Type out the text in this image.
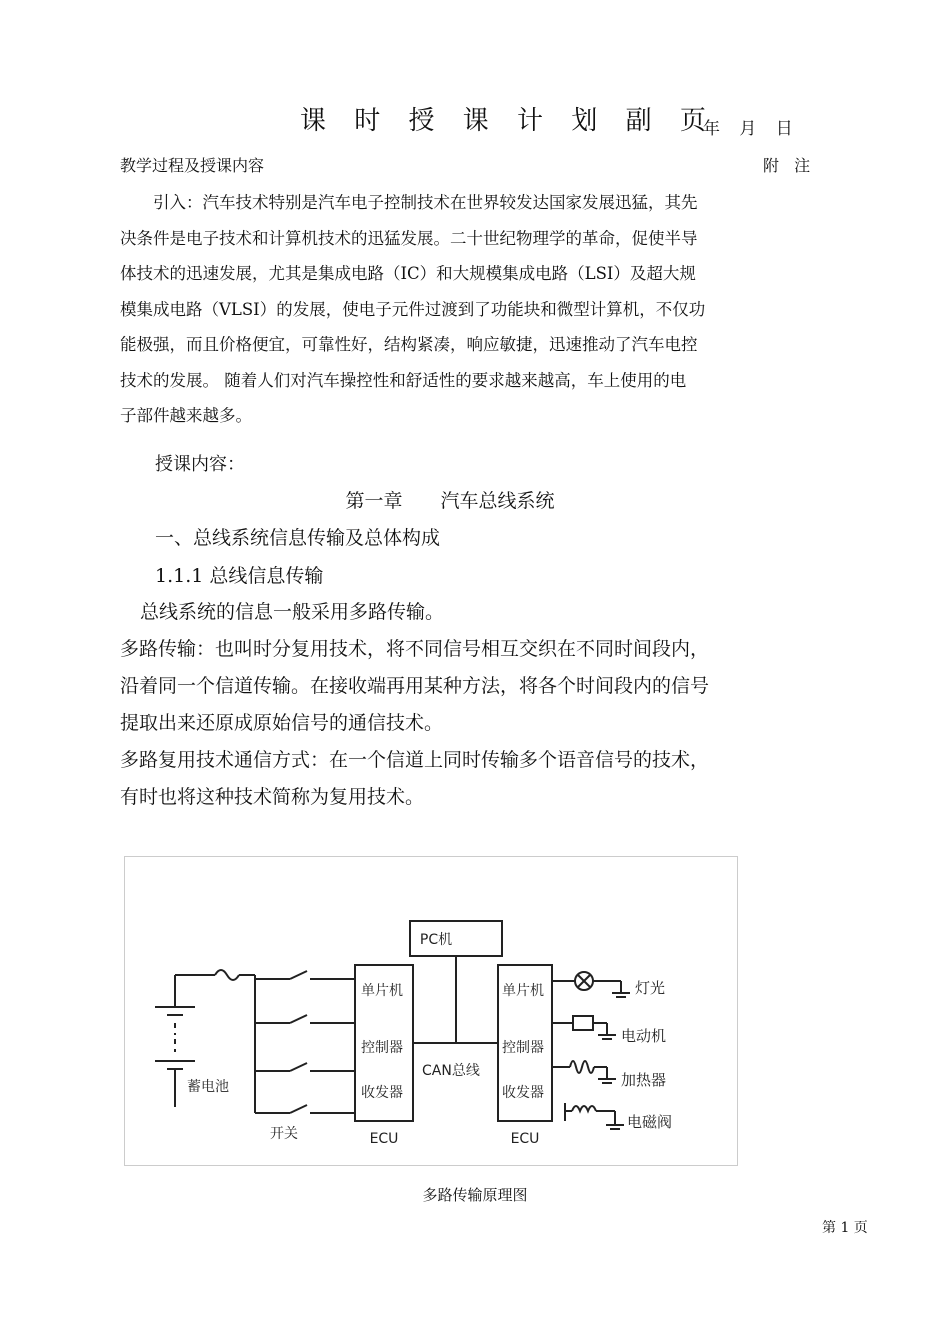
课 时 授 课 计 划 副 页
年 月 日
教学过程及授课内容	附 注
引入：汽车技术特别是汽车电子控制技术在世界较发达国家发展迅猛，其先
决条件是电子技术和计算机技术的迅猛发展。二十世纪物理学的革命，促使半导
体技术的迅速发展，尤其是集成电路（IC）和大规模集成电路（LSI）及超大规
模集成电路（VLSI）的发展，使电子元件过渡到了功能块和微型计算机，不仅功
能极强，而且价格便宜，可靠性好，结构紧凑，响应敏捷，迅速推动了汽车电控
技术的发展。 随着人们对汽车操控性和舒适性的要求越来越高，车上使用的电
子部件越来越多。
授课内容：
第一章　　汽车总线系统
一、总线系统信息传输及总体构成
1.1.1 总线信息传输
总线系统的信息一般采用多路传输。
多路传输：也叫时分复用技术，将不同信号相互交织在不同时间段内，
沿着同一个信道传输。在接收端再用某种方法，将各个时间段内的信号
提取出来还原成原始信号的通信技术。
多路复用技术通信方式：在一个信道上同时传输多个语音信号的技术，
有时也将这种技术简称为复用技术。
PC机
单片机
控制器
收发器
单片机
控制器
收发器
ECU	ECU
CAN总线
蓄电池
开关
灯光
电动机
加热器
电磁阀
多路传输原理图
第 1 页
